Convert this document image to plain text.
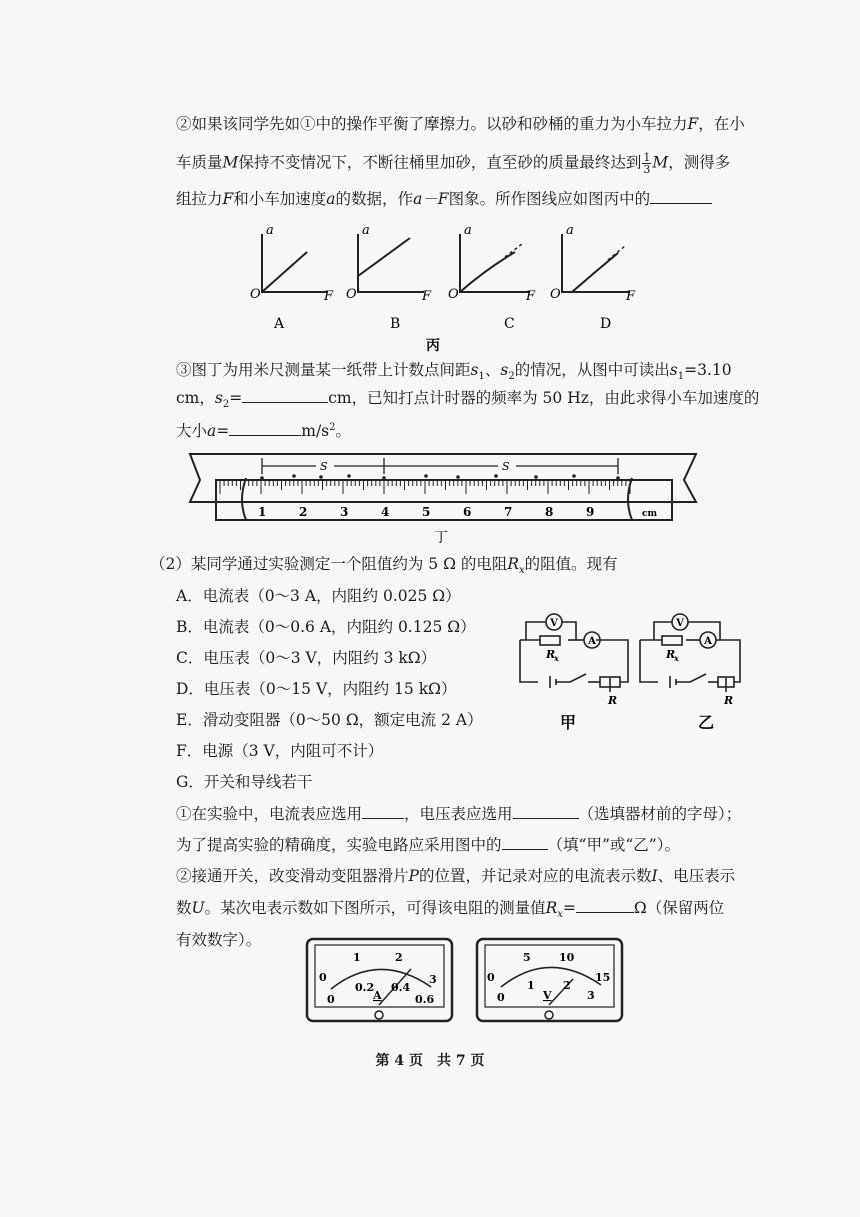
②如果该同学先如①中的操作平衡了摩擦力。以砂和砂桶的重力为小车拉力F，在小
车质量M保持不变情况下，不断往桶里加砂，直至砂的质量最终达到 $\frac{1}{3}$ M，测得多
组拉力F和小车加速度a的数据，作a－F图象。所作图线应如图丙中的
a	a	a	a
F	F	F	F
O	O	O	O
A	B	C	D
丙
③图丁为用米尺测量某一纸带上计数点间距$s_1$、$s_2$的情况，从图中可读出$s_1=3.10$
cm，$s_2=$	cm，已知打点计时器的频率为 50 Hz，由此求得小车加速度的
大小a=	$m/s^2$。
S	S
1	2	3	4	5	6	7	8	9	cm
丁
（2）某同学通过实验测定一个阻值约为 5 Ω 的电阻$R_x$的阻值。现有
A．电流表（0～3 A，内阻约 0.025 Ω）
B．电流表（0～0.6 A，内阻约 0.125 Ω）
C．电压表（0～3 V，内阻约 3 kΩ）
D．电压表（0～15 V，内阻约 15 kΩ）
E．滑动变阻器（0～50 Ω，额定电流 2 A）
F．电源（3 V，内阻可不计）
G．开关和导线若干
V
A
V
A
R
x	R
x
R	R
甲	乙
①在实验中，电流表应选用	，电压表应选用	（选填器材前的字母）；
为了提高实验的精确度，实验电路应采用图中的	（填“甲”或“乙”）。
②接通开关，改变滑动变阻器滑片P的位置，并记录对应的电流表示数I、电压表示
数U。某次电表示数如下图所示，可得该电阻的测量值$R_x=$	Ω（保留两位
有效数字）。
0
1	2
3
0
0.2 0.4
0.6
A
0
5	10
15
0
1	2
3
V
第 4 页　共 7 页
